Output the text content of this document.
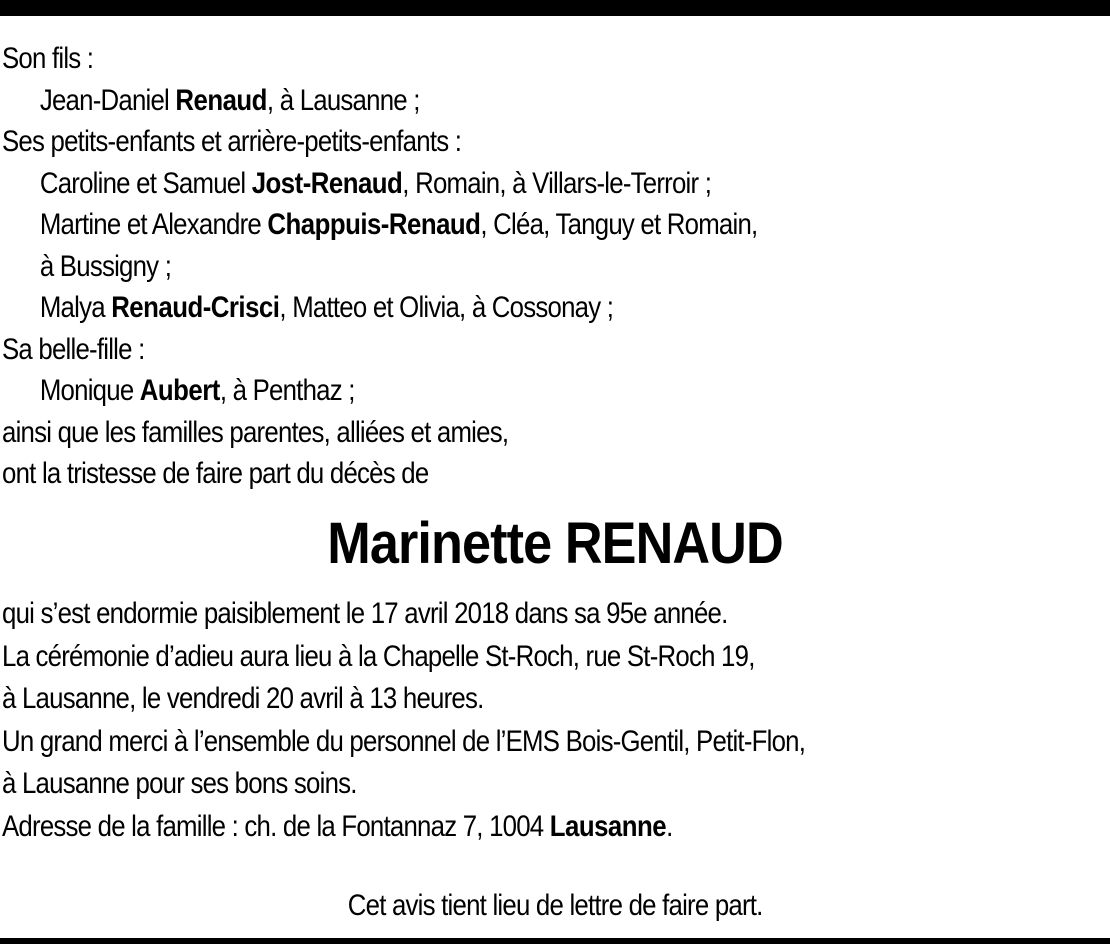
Son fils :
Jean-Daniel Renaud, à Lausanne ;
Ses petits-enfants et arrière-petits-enfants :
Caroline et Samuel Jost-Renaud, Romain, à Villars-le-Terroir ;
Martine et Alexandre Chappuis-Renaud, Cléa, Tanguy et Romain,
à Bussigny ;
Malya Renaud-Crisci, Matteo et Olivia, à Cossonay ;
Sa belle-fille :
Monique Aubert, à Penthaz ;
ainsi que les familles parentes, alliées et amies,
ont la tristesse de faire part du décès de
Marinette RENAUD
qui s’est endormie paisiblement le 17 avril 2018 dans sa 95e année.
La cérémonie d’adieu aura lieu à la Chapelle St-Roch, rue St-Roch 19,
à Lausanne, le vendredi 20 avril à 13 heures.
Un grand merci à l’ensemble du personnel de l’EMS Bois-Gentil, Petit-Flon,
à Lausanne pour ses bons soins.
Adresse de la famille : ch. de la Fontannaz 7, 1004 Lausanne.
Cet avis tient lieu de lettre de faire part.
